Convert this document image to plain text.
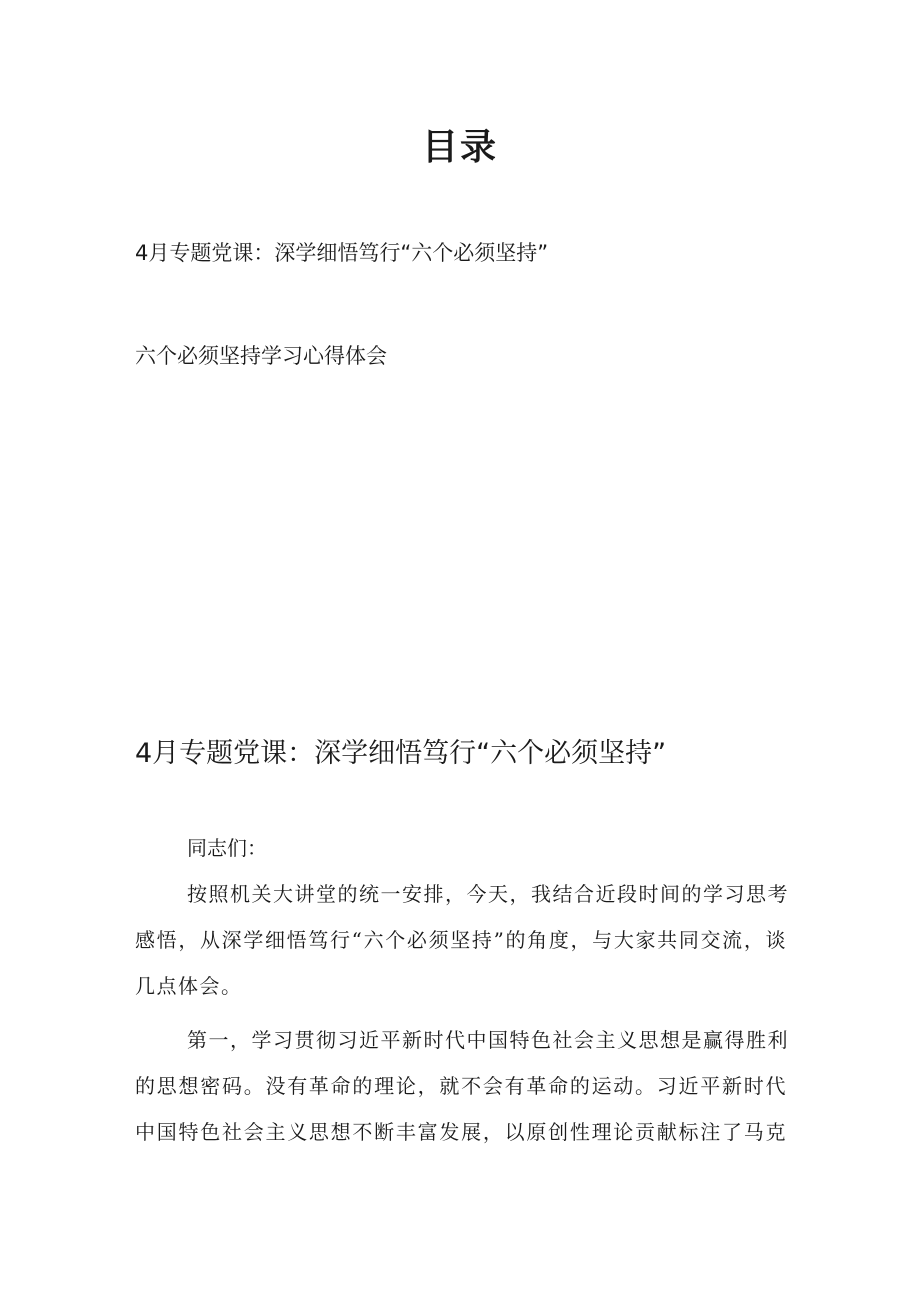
目录
4月专题党课：深学细悟笃行“六个必须坚持”
六个必须坚持学习心得体会
4月专题党课：深学细悟笃行“六个必须坚持”
同志们：
按照机关大讲堂的统一安排，今天，我结合近段时间的学习思考
感悟，从深学细悟笃行“六个必须坚持”的角度，与大家共同交流，谈
几点体会。
第一，学习贯彻习近平新时代中国特色社会主义思想是赢得胜利
的思想密码。没有革命的理论，就不会有革命的运动。习近平新时代
中国特色社会主义思想不断丰富发展，以原创性理论贡献标注了马克
